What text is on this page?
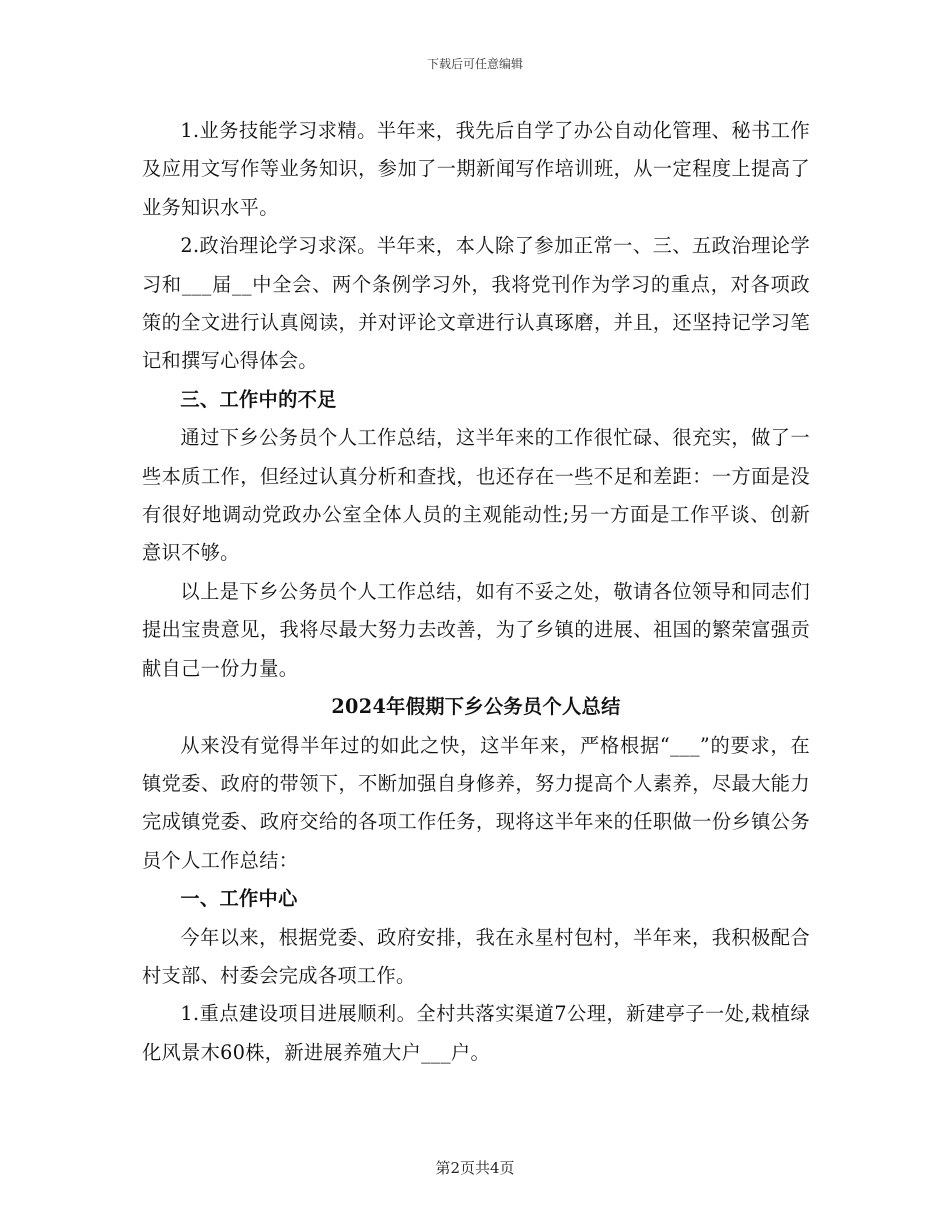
下载后可任意编辑

1.业务技能学习求精。半年来，我先后自学了办公自动化管理、秘书工作及应用文写作等业务知识，参加了一期新闻写作培训班，从一定程度上提高了业务知识水平。

2.政治理论学习求深。半年来，本人除了参加正常一、三、五政治理论学习和___届__中全会、两个条例学习外，我将党刊作为学习的重点，对各项政策的全文进行认真阅读，并对评论文章进行认真琢磨，并且，还坚持记学习笔记和撰写心得体会。

三、工作中的不足

通过下乡公务员个人工作总结，这半年来的工作很忙碌、很充实，做了一些本质工作，但经过认真分析和查找，也还存在一些不足和差距：一方面是没有很好地调动党政办公室全体人员的主观能动性;另一方面是工作平谈、创新意识不够。

以上是下乡公务员个人工作总结，如有不妥之处，敬请各位领导和同志们提出宝贵意见，我将尽最大努力去改善，为了乡镇的进展、祖国的繁荣富强贡献自己一份力量。

2024年假期下乡公务员个人总结

从来没有觉得半年过的如此之快，这半年来，严格根据“___”的要求，在镇党委、政府的带领下，不断加强自身修养，努力提高个人素养，尽最大能力完成镇党委、政府交给的各项工作任务，现将这半年来的任职做一份乡镇公务员个人工作总结：

一、工作中心

今年以来，根据党委、政府安排，我在永星村包村，半年来，我积极配合村支部、村委会完成各项工作。

1.重点建设项目进展顺利。全村共落实渠道7公理，新建亭子一处,栽植绿化风景木60株，新进展养殖大户___户。

第2页共4页
